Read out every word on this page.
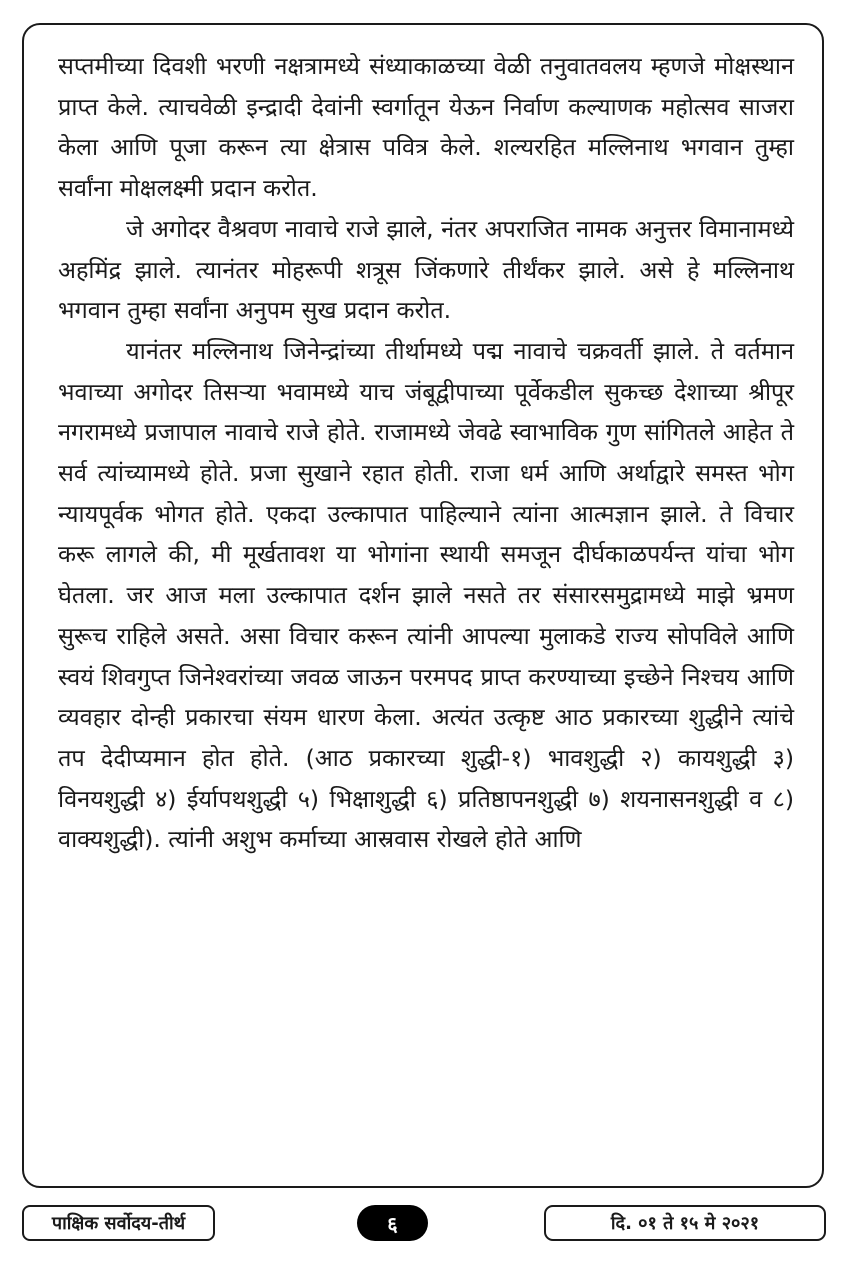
सप्तमीच्या दिवशी भरणी नक्षत्रामध्ये संध्याकाळच्या वेळी तनुवातवलय म्हणजे मोक्षस्थान प्राप्त केले. त्याचवेळी इन्द्रादी देवांनी स्वर्गातून येऊन निर्वाण कल्याणक महोत्सव साजरा केला आणि पूजा करून त्या क्षेत्रास पवित्र केले. शल्यरहित मल्लिनाथ भगवान तुम्हा सर्वांना मोक्षलक्ष्मी प्रदान करोत.

जे अगोदर वैश्रवण नावाचे राजे झाले, नंतर अपराजित नामक अनुत्तर विमानामध्ये अहमिंद्र झाले. त्यानंतर मोहरूपी शत्रूस जिंकणारे तीर्थंकर झाले. असे हे मल्लिनाथ भगवान तुम्हा सर्वांना अनुपम सुख प्रदान करोत.

यानंतर मल्लिनाथ जिनेन्द्रांच्या तीर्थामध्ये पद्म नावाचे चक्रवर्ती झाले. ते वर्तमान भवाच्या अगोदर तिसऱ्या भवामध्ये याच जंबूद्वीपाच्या पूर्वेकडील सुकच्छ देशाच्या श्रीपूर नगरामध्ये प्रजापाल नावाचे राजे होते. राजामध्ये जेवढे स्वाभाविक गुण सांगितले आहेत ते सर्व त्यांच्यामध्ये होते. प्रजा सुखाने रहात होती. राजा धर्म आणि अर्थाद्वारे समस्त भोग न्यायपूर्वक भोगत होते. एकदा उल्कापात पाहिल्याने त्यांना आत्मज्ञान झाले. ते विचार करू लागले की, मी मूर्खतावश या भोगांना स्थायी समजून दीर्घकाळपर्यन्त यांचा भोग घेतला. जर आज मला उल्कापात दर्शन झाले नसते तर संसारसमुद्रामध्ये माझे भ्रमण सुरूच राहिले असते. असा विचार करून त्यांनी आपल्या मुलाकडे राज्य सोपविले आणि स्वयं शिवगुप्त जिनेश्वरांच्या जवळ जाऊन परमपद प्राप्त करण्याच्या इच्छेने निश्चय आणि व्यवहार दोन्ही प्रकारचा संयम धारण केला. अत्यंत उत्कृष्ट आठ प्रकारच्या शुद्धीने त्यांचे तप देदीप्यमान होत होते. (आठ प्रकारच्या शुद्धी-१) भावशुद्धी २) कायशुद्धी ३) विनयशुद्धी ४) ईर्यापथशुद्धी ५) भिक्षाशुद्धी ६) प्रतिष्ठापनशुद्धी ७) शयनासनशुद्धी व ८) वाक्यशुद्धी). त्यांनी अशुभ कर्माच्या आस्रवास रोखले होते आणि

पाक्षिक सर्वोदय-तीर्थ	६	दि. ०१ ते १५ मे २०२१
